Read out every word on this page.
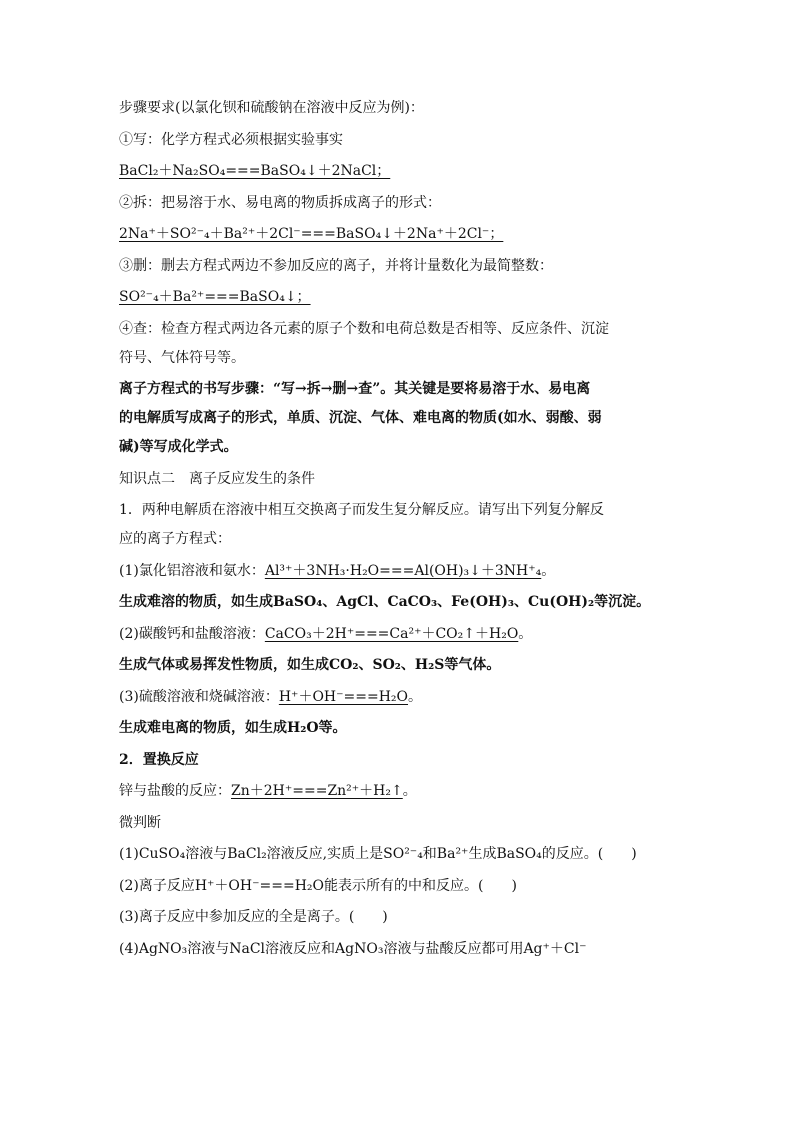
步骤要求(以氯化钡和硫酸钠在溶液中反应为例)：
①写：化学方程式必须根据实验事实
BaCl₂＋Na₂SO₄===BaSO₄↓＋2NaCl；
②拆：把易溶于水、易电离的物质拆成离子的形式：
2Na⁺＋SO²⁻₄＋Ba²⁺＋2Cl⁻===BaSO₄↓＋2Na⁺＋2Cl⁻；
③删：删去方程式两边不参加反应的离子，并将计量数化为最简整数：
SO²⁻₄＋Ba²⁺===BaSO₄↓；
④查：检查方程式两边各元素的原子个数和电荷总数是否相等、反应条件、沉淀
符号、气体符号等。
离子方程式的书写步骤：“写→拆→删→查”。其关键是要将易溶于水、易电离
的电解质写成离子的形式，单质、沉淀、气体、难电离的物质(如水、弱酸、弱
碱)等写成化学式。
知识点二　离子反应发生的条件
1．两种电解质在溶液中相互交换离子而发生复分解反应。请写出下列复分解反
应的离子方程式：
(1)氯化铝溶液和氨水：Al³⁺＋3NH₃·H₂O===Al(OH)₃↓＋3NH⁺₄。
生成难溶的物质，如生成BaSO₄、AgCl、CaCO₃、Fe(OH)₃、Cu(OH)₂等沉淀。
(2)碳酸钙和盐酸溶液：CaCO₃＋2H⁺===Ca²⁺＋CO₂↑＋H₂O。
生成气体或易挥发性物质，如生成CO₂、SO₂、H₂S等气体。
(3)硫酸溶液和烧碱溶液：H⁺＋OH⁻===H₂O。
生成难电离的物质，如生成H₂O等。
2．置换反应
锌与盐酸的反应：Zn＋2H⁺===Zn²⁺＋H₂↑。
微判断
(1)CuSO₄溶液与BaCl₂溶液反应,实质上是SO²⁻₄和Ba²⁺生成BaSO₄的反应。(　　)
(2)离子反应H⁺＋OH⁻===H₂O能表示所有的中和反应。(　　)
(3)离子反应中参加反应的全是离子。(　　)
(4)AgNO₃溶液与NaCl溶液反应和AgNO₃溶液与盐酸反应都可用Ag⁺＋Cl⁻
